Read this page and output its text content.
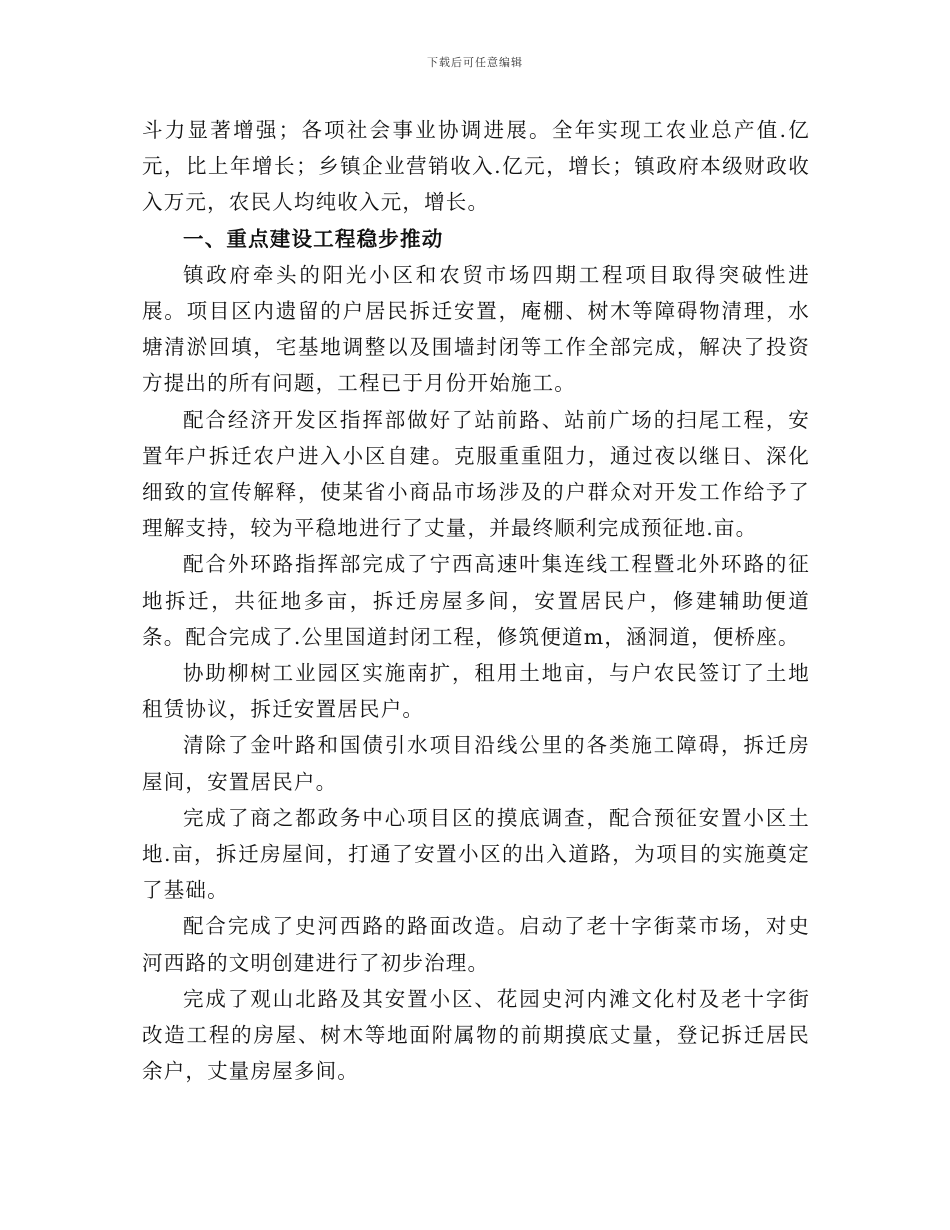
下载后可任意编辑

斗力显著增强；各项社会事业协调进展。全年实现工农业总产值.亿元，比上年增长；乡镇企业营销收入.亿元，增长；镇政府本级财政收入万元，农民人均纯收入元，增长。

一、重点建设工程稳步推动

镇政府牵头的阳光小区和农贸市场四期工程项目取得突破性进展。项目区内遗留的户居民拆迁安置，庵棚、树木等障碍物清理，水塘清淤回填，宅基地调整以及围墙封闭等工作全部完成，解决了投资方提出的所有问题，工程已于月份开始施工。

配合经济开发区指挥部做好了站前路、站前广场的扫尾工程，安置年户拆迁农户进入小区自建。克服重重阻力，通过夜以继日、深化细致的宣传解释，使某省小商品市场涉及的户群众对开发工作给予了理解支持，较为平稳地进行了丈量，并最终顺利完成预征地.亩。

配合外环路指挥部完成了宁西高速叶集连线工程暨北外环路的征地拆迁，共征地多亩，拆迁房屋多间，安置居民户，修建辅助便道条。配合完成了.公里国道封闭工程，修筑便道m，涵洞道，便桥座。

协助柳树工业园区实施南扩，租用土地亩，与户农民签订了土地租赁协议，拆迁安置居民户。

清除了金叶路和国债引水项目沿线公里的各类施工障碍，拆迁房屋间，安置居民户。

完成了商之都政务中心项目区的摸底调查，配合预征安置小区土地.亩，拆迁房屋间，打通了安置小区的出入道路，为项目的实施奠定了基础。

配合完成了史河西路的路面改造。启动了老十字街菜市场，对史河西路的文明创建进行了初步治理。

完成了观山北路及其安置小区、花园史河内滩文化村及老十字街改造工程的房屋、树木等地面附属物的前期摸底丈量，登记拆迁居民余户，丈量房屋多间。
